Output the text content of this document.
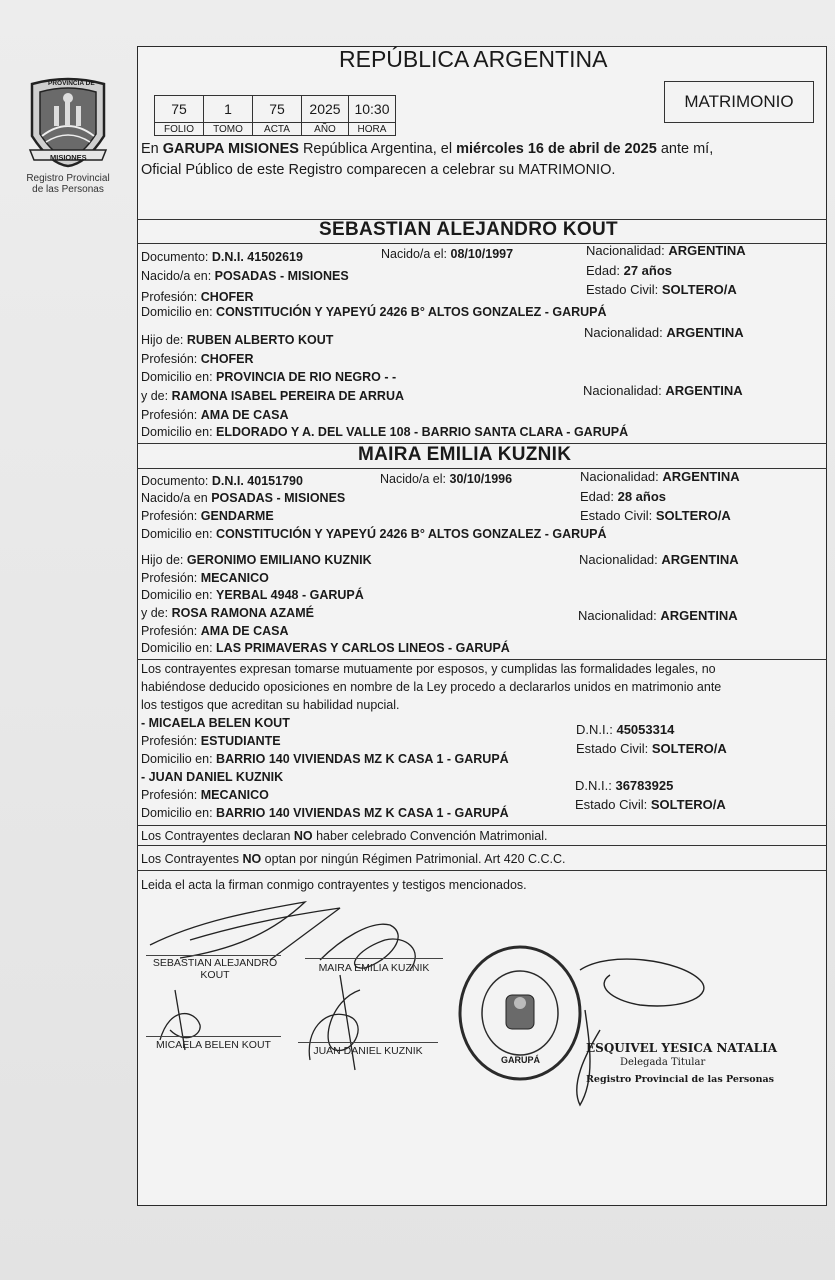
PROVINCIA DE
MISIONES
Registro Provincial
de las Personas
REPÚBLICA ARGENTINA
75	1	75	2025	10:30
FOLIO	TOMO	ACTA	AÑO	HORA
MATRIMONIO
En GARUPA MISIONES República Argentina, el miércoles 16 de abril de 2025 ante mí,
Oficial Público de este Registro comparecen a celebrar su MATRIMONIO.
SEBASTIAN ALEJANDRO KOUT
Documento: D.N.I. 41502619	Nacido/a el: 08/10/1997	Nacionalidad: ARGENTINA
Nacido/a en: POSADAS - MISIONES	Edad: 27 años
Profesión: CHOFER	Estado Civil: SOLTERO/A
Domicilio en: CONSTITUCIÓN Y YAPEYÚ 2426 B° ALTOS GONZALEZ - GARUPÁ
Hijo de: RUBEN ALBERTO KOUT	Nacionalidad: ARGENTINA
Profesión: CHOFER
Domicilio en: PROVINCIA DE RIO NEGRO - -
y de: RAMONA ISABEL PEREIRA DE ARRUA	Nacionalidad: ARGENTINA
Profesión: AMA DE CASA
Domicilio en: ELDORADO Y A. DEL VALLE 108 - BARRIO SANTA CLARA - GARUPÁ
MAIRA EMILIA KUZNIK
Documento: D.N.I. 40151790	Nacido/a el: 30/10/1996	Nacionalidad: ARGENTINA
Nacido/a en POSADAS - MISIONES	Edad: 28 años
Profesión: GENDARME	Estado Civil: SOLTERO/A
Domicilio en: CONSTITUCIÓN Y YAPEYÚ 2426 B° ALTOS GONZALEZ - GARUPÁ
Hijo de: GERONIMO EMILIANO KUZNIK	Nacionalidad: ARGENTINA
Profesión: MECANICO
Domicilio en: YERBAL 4948 - GARUPÁ
y de: ROSA RAMONA AZAMÉ	Nacionalidad: ARGENTINA
Profesión: AMA DE CASA
Domicilio en: LAS PRIMAVERAS Y CARLOS LINEOS - GARUPÁ
Los contrayentes expresan tomarse mutuamente por esposos, y cumplidas las formalidades legales, no
habiéndose deducido oposiciones en nombre de la Ley procedo a declararlos unidos en matrimonio ante
los testigos que acreditan su habilidad nupcial.
- MICAELA BELEN KOUT
Profesión: ESTUDIANTE
Domicilio en: BARRIO 140 VIVIENDAS MZ K CASA 1 - GARUPÁ
D.N.I.: 45053314
Estado Civil: SOLTERO/A
- JUAN DANIEL KUZNIK
Profesión: MECANICO
Domicilio en: BARRIO 140 VIVIENDAS MZ K CASA 1 - GARUPÁ
D.N.I.: 36783925
Estado Civil: SOLTERO/A
Los Contrayentes declaran NO haber celebrado Convención Matrimonial.
Los Contrayentes NO optan por ningún Régimen Patrimonial. Art 420 C.C.C.
Leida el acta la firman conmigo contrayentes y testigos mencionados.
SEBASTIAN ALEJANDRO
KOUT
MAIRA EMILIA KUZNIK
MICAELA BELEN KOUT	JUAN DANIEL KUZNIK
GARUPÁ
ESQUIVEL YESICA NATALIA
Delegada Titular
Registro Provincial de las Personas
